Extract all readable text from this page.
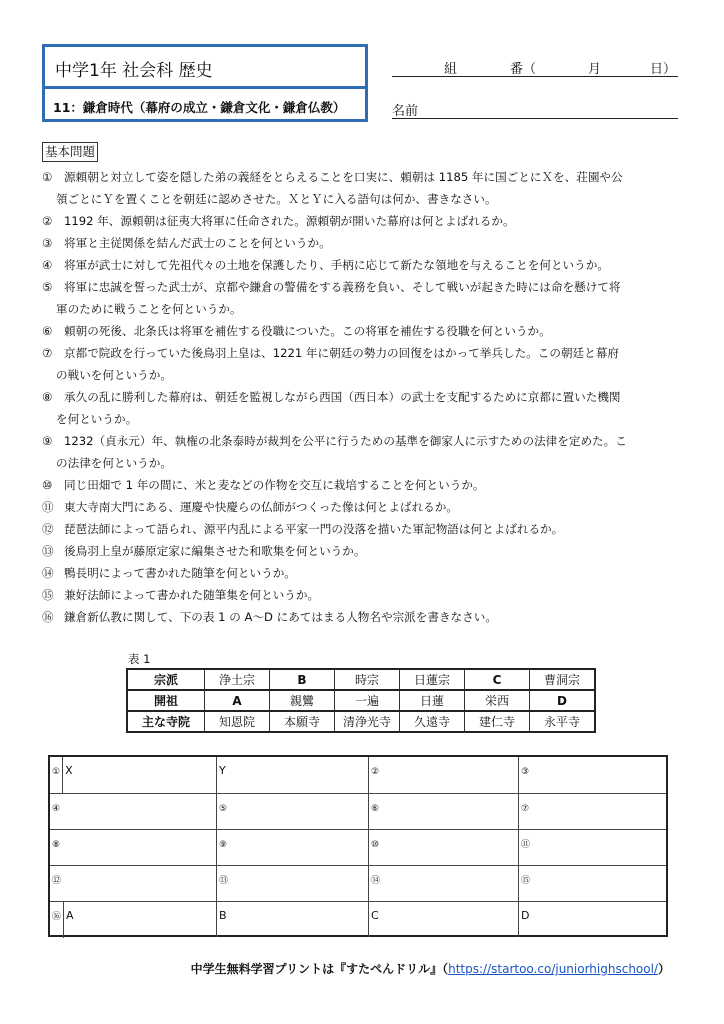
中学1年 社会科 歴史
11：鎌倉時代（幕府の成立・鎌倉文化・鎌倉仏教）
組	番（	月	日）
名前
基本問題
① 源頼朝と対立して姿を隠した弟の義経をとらえることを口実に、頼朝は 1185 年に国ごとにＸを、荘園や公
領ごとにＹを置くことを朝廷に認めさせた。ＸとＹに入る語句は何か、書きなさい。
② 1192 年、源頼朝は征夷大将軍に任命された。源頼朝が開いた幕府は何とよばれるか。
③ 将軍と主従関係を結んだ武士のことを何というか。
④ 将軍が武士に対して先祖代々の土地を保護したり、手柄に応じて新たな領地を与えることを何というか。
⑤ 将軍に忠誠を誓った武士が、京都や鎌倉の警備をする義務を負い、そして戦いが起きた時には命を懸けて将
軍のために戦うことを何というか。
⑥ 頼朝の死後、北条氏は将軍を補佐する役職についた。この将軍を補佐する役職を何というか。
⑦ 京都で院政を行っていた後鳥羽上皇は、1221 年に朝廷の勢力の回復をはかって挙兵した。この朝廷と幕府
の戦いを何というか。
⑧ 承久の乱に勝利した幕府は、朝廷を監視しながら西国（西日本）の武士を支配するために京都に置いた機関
を何というか。
⑨ 1232（貞永元）年、執権の北条泰時が裁判を公平に行うための基準を御家人に示すための法律を定めた。こ
の法律を何というか。
⑩ 同じ田畑で 1 年の間に、米と麦などの作物を交互に栽培することを何というか。
⑪ 東大寺南大門にある、運慶や快慶らの仏師がつくった像は何とよばれるか。
⑫ 琵琶法師によって語られ、源平内乱による平家一門の没落を描いた軍記物語は何とよばれるか。
⑬ 後鳥羽上皇が藤原定家に編集させた和歌集を何というか。
⑭ 鴨長明によって書かれた随筆を何というか。
⑮ 兼好法師によって書かれた随筆集を何というか。
⑯ 鎌倉新仏教に関して、下の表 1 の A～D にあてはまる人物名や宗派を書きなさい。
表 1
宗派	浄土宗	B	時宗	日蓮宗	C	曹洞宗
開祖	A	親鸞	一遍	日蓮	栄西	D
主な寺院	知恩院	本願寺	清浄光寺	久遠寺	建仁寺	永平寺
① X	Y	②	③
④	⑤	⑥	⑦
⑧	⑨	⑩	⑪
⑫	⑬	⑭	⑮
⑯ A	B	C	D
中学生無料学習プリントは『すたぺんドリル』（https://startoo.co/juniorhighschool/）
